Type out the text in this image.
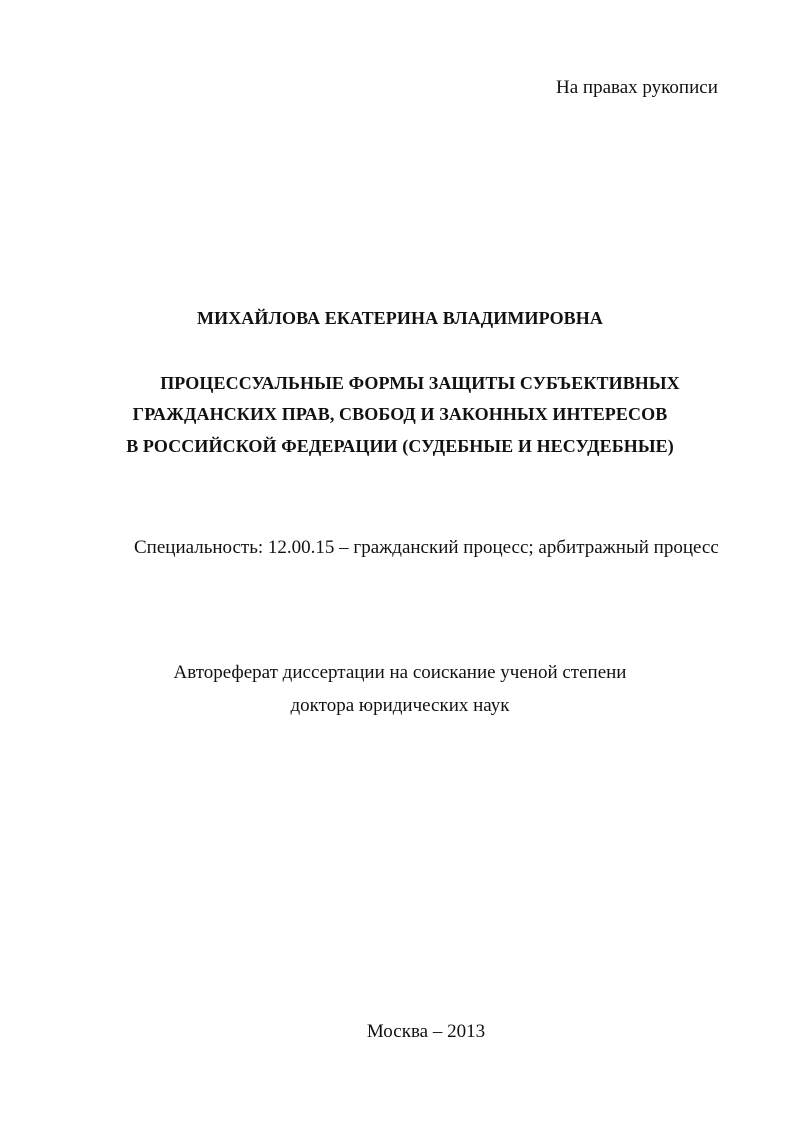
На правах рукописи
МИХАЙЛОВА ЕКАТЕРИНА ВЛАДИМИРОВНА
ПРОЦЕССУАЛЬНЫЕ ФОРМЫ ЗАЩИТЫ СУБЪЕКТИВНЫХ
ГРАЖДАНСКИХ ПРАВ, СВОБОД И ЗАКОННЫХ ИНТЕРЕСОВ
В РОССИЙСКОЙ ФЕДЕРАЦИИ (СУДЕБНЫЕ И НЕСУДЕБНЫЕ)
Специальность: 12.00.15 – гражданский процесс; арбитражный процесс
Автореферат диссертации на соискание ученой степени
доктора юридических наук
Москва – 2013
